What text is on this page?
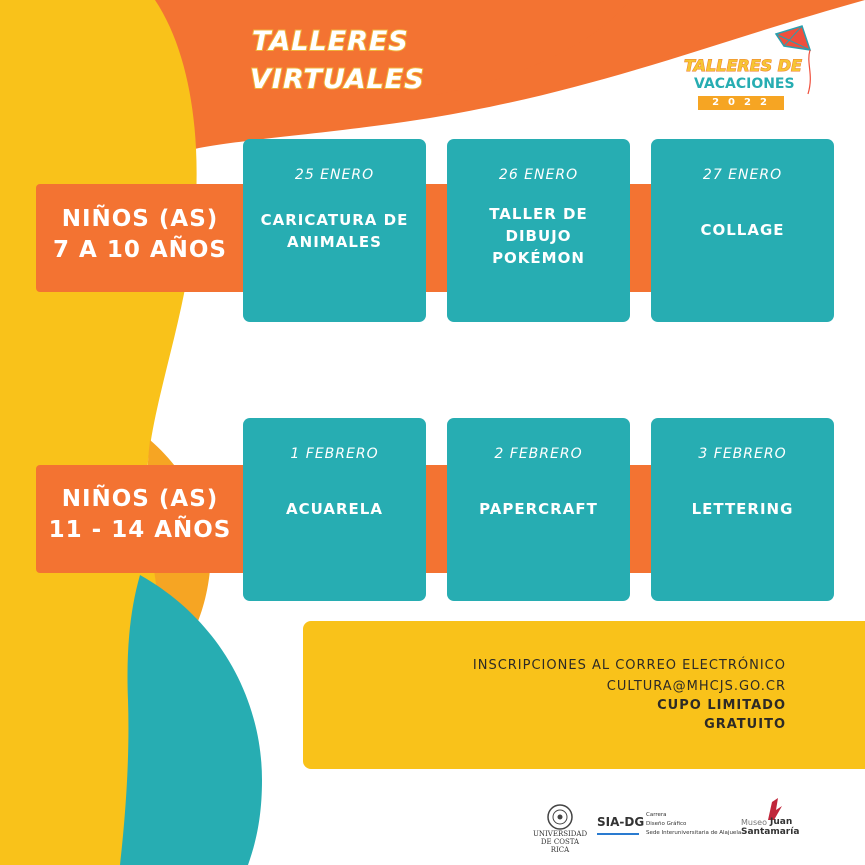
TALLERES
VIRTUALES	TALLERES DE
VACACIONES
2022
NIÑOS (AS)
7 A 10 AÑOS
NIÑOS (AS)
11 - 14 AÑOS
25 ENERO
CARICATURA DE ANIMALES
26 ENERO
TALLER DE DIBUJO POKÉMON
27 ENERO
COLLAGE
1 FEBRERO
ACUARELA
2 FEBRERO
PAPERCRAFT
3 FEBRERO
LETTERING
INSCRIPCIONES AL CORREO ELECTRÓNICO
CULTURA@MHCJS.GO.CR
CUPO LIMITADO
GRATUITO
UNIVERSIDAD DE COSTA RICA
SIA-DG Carrera
Diseño Gráfico
Sede Interuniversitaria de Alajuela
Museo Juan
Santamaría
